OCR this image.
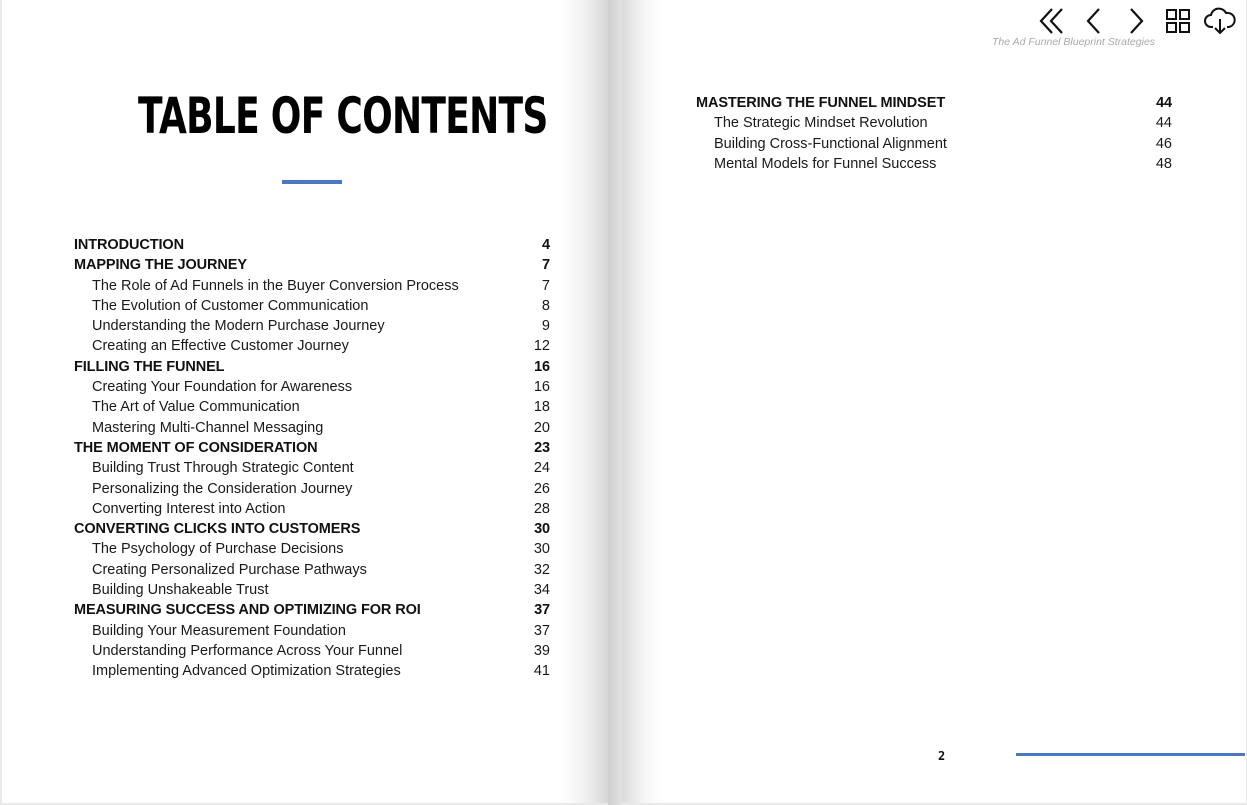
TABLE OF CONTENTS
INTRODUCTION	4
MAPPING THE JOURNEY	7
The Role of Ad Funnels in the Buyer Conversion Process	7
The Evolution of Customer Communication	8
Understanding the Modern Purchase Journey	9
Creating an Effective Customer Journey	12
FILLING THE FUNNEL	16
Creating Your Foundation for Awareness	16
The Art of Value Communication	18
Mastering Multi-Channel Messaging	20
THE MOMENT OF CONSIDERATION	23
Building Trust Through Strategic Content	24
Personalizing the Consideration Journey	26
Converting Interest into Action	28
CONVERTING CLICKS INTO CUSTOMERS	30
The Psychology of Purchase Decisions	30
Creating Personalized Purchase Pathways	32
Building Unshakeable Trust	34
MEASURING SUCCESS AND OPTIMIZING FOR ROI	37
Building Your Measurement Foundation	37
Understanding Performance Across Your Funnel	39
Implementing Advanced Optimization Strategies	41
The Ad Funnel Blueprint Strategies
MASTERING THE FUNNEL MINDSET	44
The Strategic Mindset Revolution	44
Building Cross-Functional Alignment	46
Mental Models for Funnel Success	48
2
